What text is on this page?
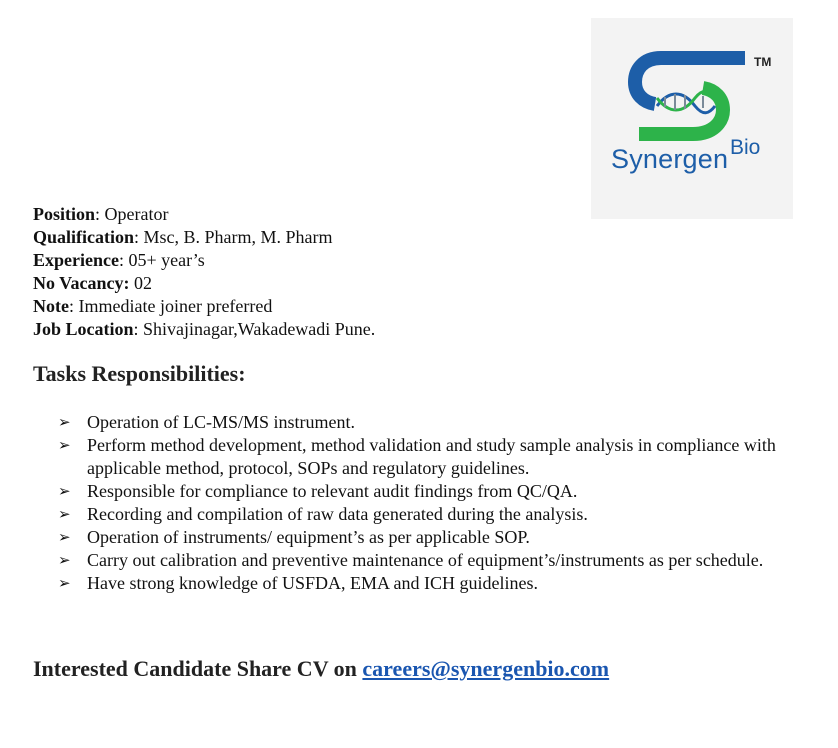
TM
Synergen Bio
Position: Operator
Qualification: Msc, B. Pharm, M. Pharm
Experience: 05+ year’s
No Vacancy: 02
Note: Immediate joiner preferred
Job Location: Shivajinagar,Wakadewadi Pune.
Tasks Responsibilities:
➢ Operation of LC-MS/MS instrument.
➢ Perform method development, method validation and study sample analysis in compliance with applicable method, protocol, SOPs and regulatory guidelines.
➢ Responsible for compliance to relevant audit findings from QC/QA.
➢ Recording and compilation of raw data generated during the analysis.
➢ Operation of instruments/ equipment’s as per applicable SOP.
➢ Carry out calibration and preventive maintenance of equipment’s/instruments as per schedule.
➢ Have strong knowledge of USFDA, EMA and ICH guidelines.
Interested Candidate Share CV on careers@synergenbio.com
